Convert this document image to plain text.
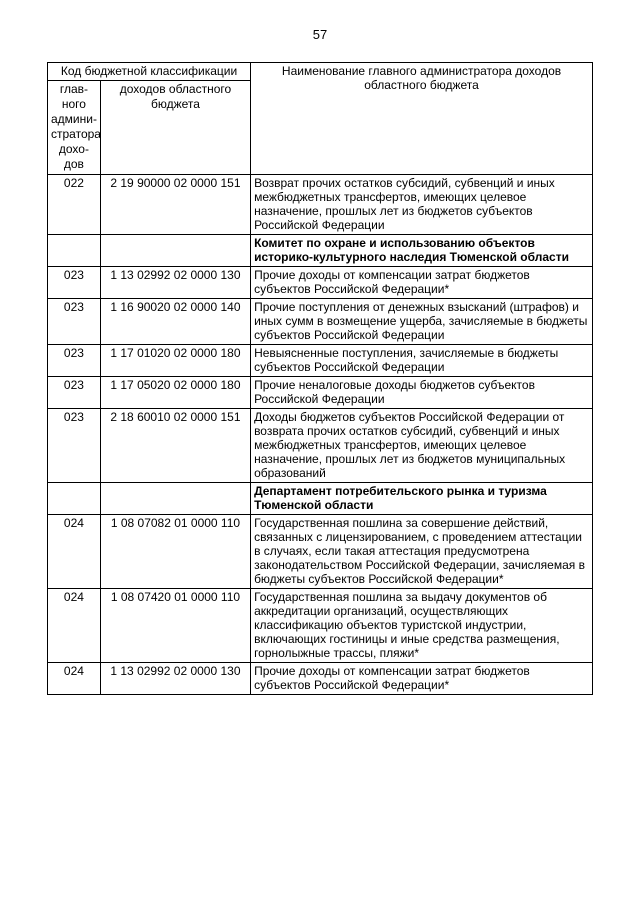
57
Код бюджетной классификации		Наименование главного администратора доходов областного бюджета
глав-ного админи-стратора дохо-дов	доходов областного бюджета	
022	2 19 90000 02 0000 151	Возврат прочих остатков субсидий, субвенций и иных межбюджетных трансфертов, имеющих целевое назначение, прошлых лет из бюджетов субъектов Российской Федерации
		Комитет по охране и использованию объектов историко-культурного наследия Тюменской области
023	1 13 02992 02 0000 130	Прочие доходы от компенсации затрат бюджетов субъектов Российской Федерации*
023	1 16 90020 02 0000 140	Прочие поступления от денежных взысканий (штрафов) и иных сумм в возмещение ущерба, зачисляемые в бюджеты субъектов Российской Федерации
023	1 17 01020 02 0000 180	Невыясненные поступления, зачисляемые в бюджеты субъектов Российской Федерации
023	1 17 05020 02 0000 180	Прочие неналоговые доходы бюджетов субъектов Российской Федерации
023	2 18 60010 02 0000 151	Доходы бюджетов субъектов Российской Федерации от возврата прочих остатков субсидий, субвенций и иных межбюджетных трансфертов, имеющих целевое назначение, прошлых лет из бюджетов муниципальных образований
		Департамент потребительского рынка и туризма Тюменской области
024	1 08 07082 01 0000 110	Государственная пошлина за совершение действий, связанных с лицензированием, с проведением аттестации в случаях, если такая аттестация предусмотрена законодательством Российской Федерации, зачисляемая в бюджеты субъектов Российской Федерации*
024	1 08 07420 01 0000 110	Государственная пошлина за выдачу документов об аккредитации организаций, осуществляющих классификацию объектов туристской индустрии, включающих гостиницы и иные средства размещения, горнолыжные трассы, пляжи*
024	1 13 02992 02 0000 130	Прочие доходы от компенсации затрат бюджетов субъектов Российской Федерации*
